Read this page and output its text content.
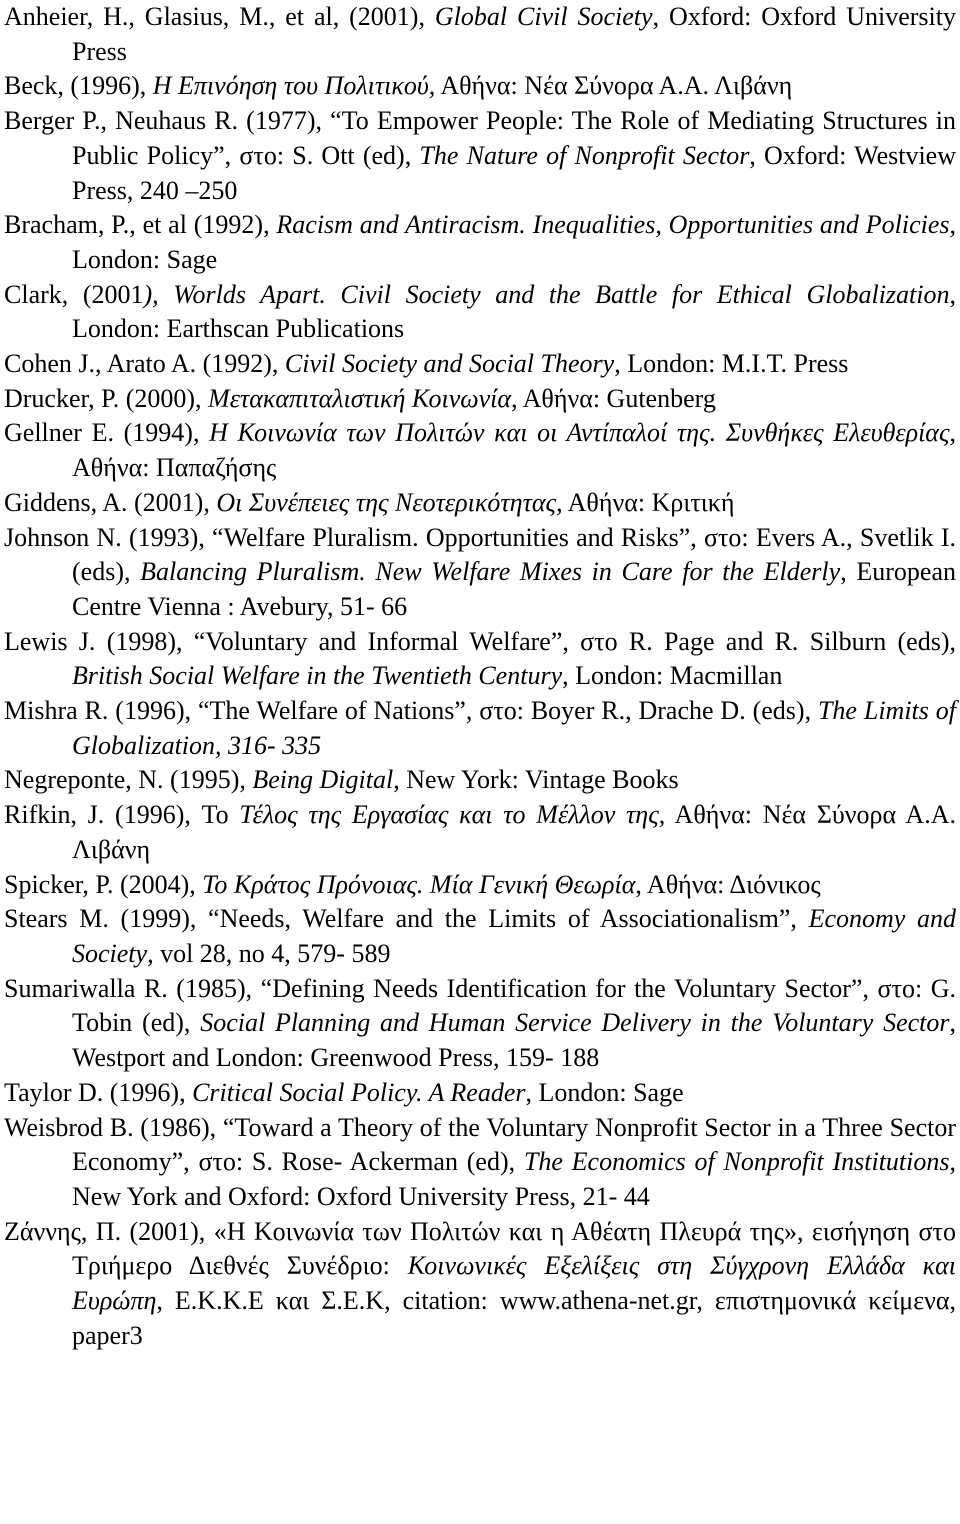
Anheier, H., Glasius, M., et al, (2001), Global Civil Society, Oxford: Oxford University Press

Beck, (1996), Η Επινόηση του Πολιτικού, Αθήνα: Νέα Σύνορα Α.Α. Λιβάνη

Berger P., Neuhaus R. (1977), “To Empower People: The Role of Mediating Structures in Public Policy”, στο: S. Ott (ed), The Nature of Nonprofit Sector, Oxford: Westview Press, 240 –250

Bracham, P., et al (1992), Racism and Antiracism. Inequalities, Opportunities and Policies, London: Sage

Clark, (2001), Worlds Apart. Civil Society and the Battle for Ethical Globalization, London: Earthscan Publications

Cohen J., Arato A. (1992), Civil Society and Social Theory, London: M.I.T. Press

Drucker, P. (2000), Μετακαπιταλιστική Κοινωνία, Αθήνα: Gutenberg

Gellner E. (1994), Η Κοινωνία των Πολιτών και οι Αντίπαλοί της. Συνθήκες Ελευθερίας, Αθήνα: Παπαζήσης

Giddens, A. (2001), Οι Συνέπειες της Νεοτερικότητας, Αθήνα: Κριτική

Johnson N. (1993), “Welfare Pluralism. Opportunities and Risks”, στο: Evers A., Svetlik I. (eds), Balancing Pluralism. New Welfare Mixes in Care for the Elderly, European Centre Vienna : Avebury, 51- 66

Lewis J. (1998), “Voluntary and Informal Welfare”, στο R. Page and R. Silburn (eds), British Social Welfare in the Twentieth Century, London: Macmillan

Mishra R. (1996), “The Welfare of Nations”, στο: Boyer R., Drache D. (eds), The Limits of Globalization, 316- 335

Negreponte, N. (1995), Being Digital, New York: Vintage Books

Rifkin, J. (1996), Το Τέλος της Εργασίας και το Μέλλον της, Αθήνα: Νέα Σύνορα Α.Α. Λιβάνη

Spicker, P. (2004), Το Κράτος Πρόνοιας. Μία Γενική Θεωρία, Αθήνα: Διόνικος

Stears M. (1999), “Needs, Welfare and the Limits of Associationalism”, Economy and Society, vol 28, no 4, 579- 589

Sumariwalla R. (1985), “Defining Needs Identification for the Voluntary Sector”, στο: G. Tobin (ed), Social Planning and Human Service Delivery in the Voluntary Sector, Westport and London: Greenwood Press, 159- 188

Taylor D. (1996), Critical Social Policy. A Reader, London: Sage

Weisbrod B. (1986), “Toward a Theory of the Voluntary Nonprofit Sector in a Three Sector Economy”, στο: S. Rose- Ackerman (ed), The Economics of Nonprofit Institutions, New York and Oxford: Oxford University Press, 21- 44

Ζάννης, Π. (2001), «Η Κοινωνία των Πολιτών και η Αθέατη Πλευρά της», εισήγηση στο Τριήμερο Διεθνές Συνέδριο: Κοινωνικές Εξελίξεις στη Σύγχρονη Ελλάδα και Ευρώπη, Ε.Κ.Κ.Ε και Σ.Ε.Κ, citation: www.athena-net.gr, επιστημονικά κείμενα, paper3
